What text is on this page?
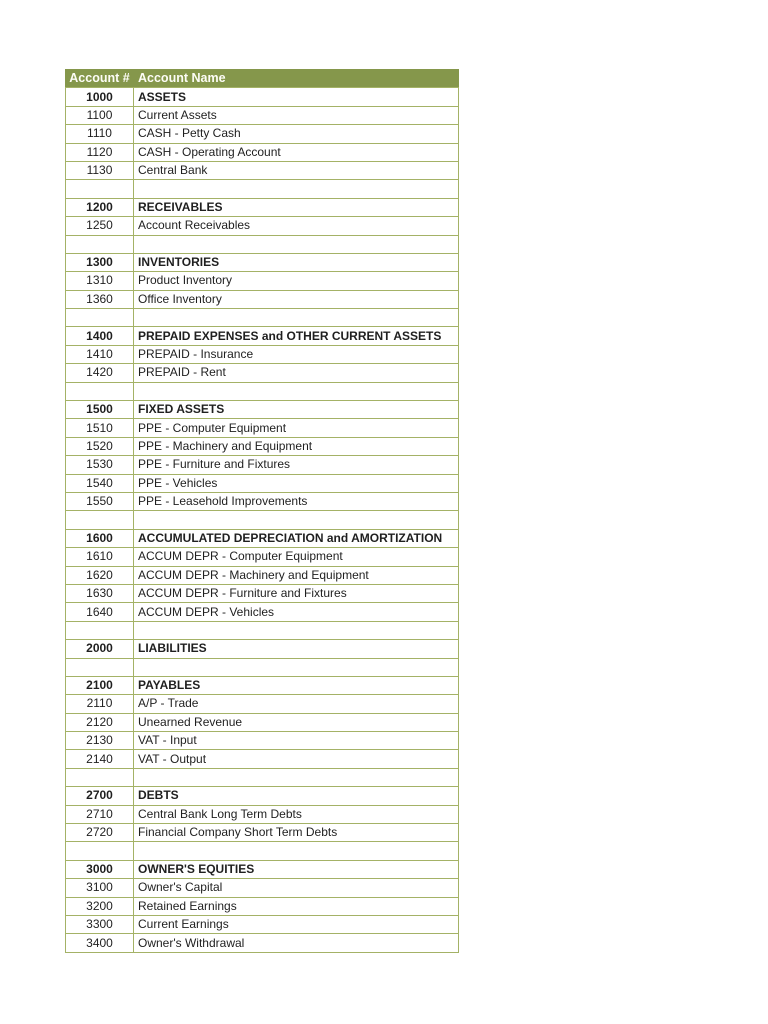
Account #	Account Name
1000	ASSETS
1100	Current Assets
1110	CASH - Petty Cash
1120	CASH - Operating Account
1130	Central Bank

1200	RECEIVABLES
1250	Account Receivables

1300	INVENTORIES
1310	Product Inventory
1360	Office Inventory

1400	PREPAID EXPENSES and OTHER CURRENT ASSETS
1410	PREPAID - Insurance
1420	PREPAID - Rent

1500	FIXED ASSETS
1510	PPE - Computer Equipment
1520	PPE - Machinery and Equipment
1530	PPE - Furniture and Fixtures
1540	PPE - Vehicles
1550	PPE - Leasehold Improvements

1600	ACCUMULATED DEPRECIATION and AMORTIZATION
1610	ACCUM DEPR - Computer Equipment
1620	ACCUM DEPR - Machinery and Equipment
1630	ACCUM DEPR - Furniture and Fixtures
1640	ACCUM DEPR - Vehicles

2000	LIABILITIES

2100	PAYABLES
2110	A/P - Trade
2120	Unearned Revenue
2130	VAT - Input
2140	VAT - Output

2700	DEBTS
2710	Central Bank Long Term Debts
2720	Financial Company Short Term Debts

3000	OWNER'S EQUITIES
3100	Owner's Capital
3200	Retained Earnings
3300	Current Earnings
3400	Owner's Withdrawal
